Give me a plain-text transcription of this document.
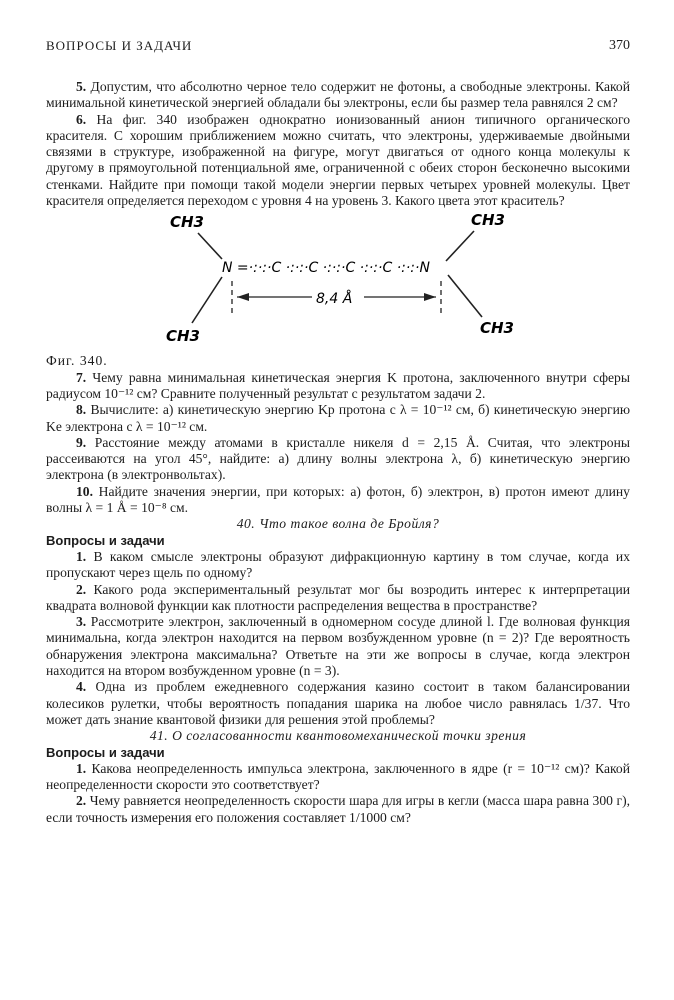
ВОПРОСЫ И ЗАДАЧИ	370

5. Допустим, что абсолютно черное тело содержит не фотоны, а свободные электроны. Какой минимальной кинетической энергией обладали бы электроны, если бы размер тела равнялся 2 см?

6. На фиг. 340 изображен однократно ионизованный анион типичного органического красителя. С хорошим приближением можно считать, что электроны, удерживаемые двойными связями в структуре, изображенной на фигуре, могут двигаться от одного конца молекулы к другому в прямоугольной потенциальной яме, ограниченной с обеих сторон бесконечно высокими стенками. Найдите при помощи такой модели энергии первых четырех уровней молекулы. Цвет красителя определяется переходом с уровня 4 на уровень 3. Какого цвета этот краситель?

CH3	CH3
CH3	CH3
N =·:·:·C ·:·:·C ·:·:·C ·:·:·C ·:·:·N
8,4 Å

Фиг. 340.

7. Чему равна минимальная кинетическая энергия K протона, заключенного внутри сферы радиусом 10⁻¹² см? Сравните полученный результат с результатом задачи 2.

8. Вычислите: а) кинетическую энергию Kp протона с λ = 10⁻¹² см, б) кинетическую энергию Ke электрона с λ = 10⁻¹² см.

9. Расстояние между атомами в кристалле никеля d = 2,15 Å. Считая, что электроны рассеиваются на угол 45°, найдите: а) длину волны электрона λ, б) кинетическую энергию электрона (в электронвольтах).

10. Найдите значения энергии, при которых: а) фотон, б) электрон, в) протон имеют длину волны λ = 1 Å = 10⁻⁸ см.

40. Что такое волна де Бройля?

Вопросы и задачи

1. В каком смысле электроны образуют дифракционную картину в том случае, когда их пропускают через щель по одному?

2. Какого рода экспериментальный результат мог бы возродить интерес к интерпретации квадрата волновой функции как плотности распределения вещества в пространстве?

3. Рассмотрите электрон, заключенный в одномерном сосуде длиной l. Где волновая функция минимальна, когда электрон находится на первом возбужденном уровне (n = 2)? Где вероятность обнаружения электрона максимальна? Ответьте на эти же вопросы в случае, когда электрон находится на втором возбужденном уровне (n = 3).

4. Одна из проблем ежедневного содержания казино состоит в таком балансировании колесиков рулетки, чтобы вероятность попадания шарика на любое число равнялась 1/37. Что может дать знание квантовой физики для решения этой проблемы?

41. О согласованности квантовомеханической точки зрения

Вопросы и задачи

1. Какова неопределенность импульса электрона, заключенного в ядре (r = 10⁻¹² см)? Какой неопределенности скорости это соответствует?

2. Чему равняется неопределенность скорости шара для игры в кегли (масса шара равна 300 г), если точность измерения его положения составляет 1/1000 см?
